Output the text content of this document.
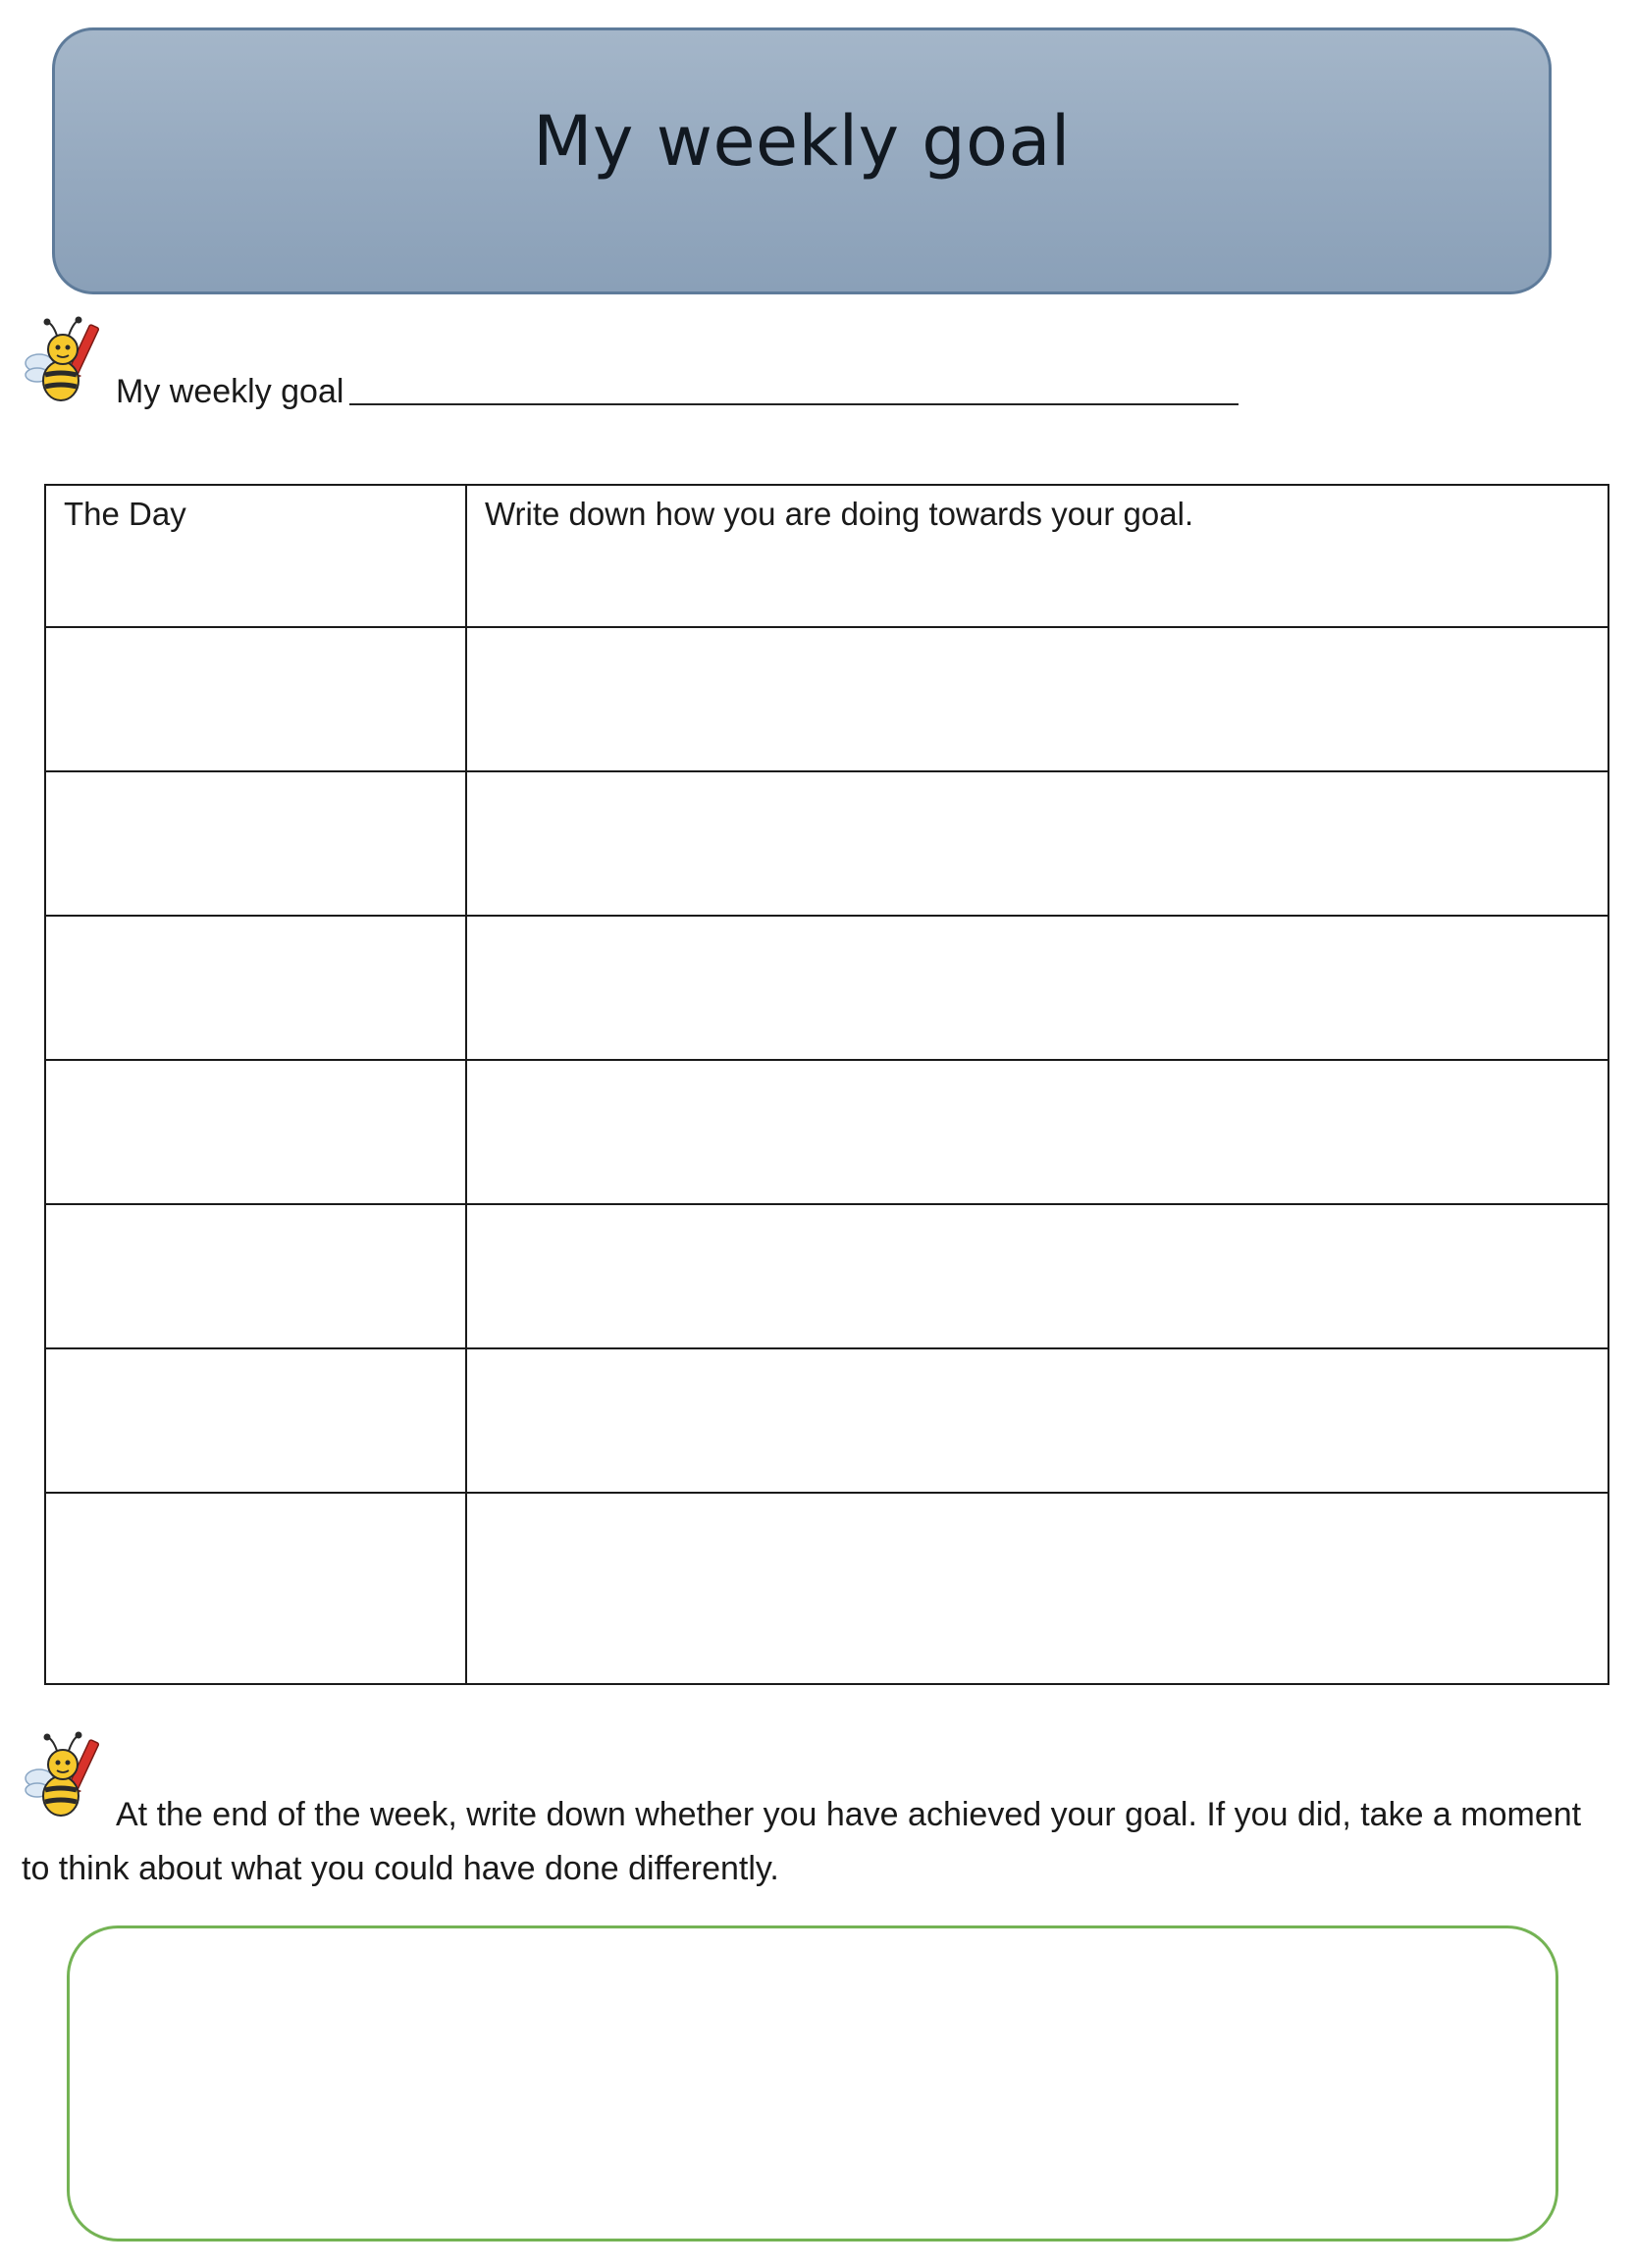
My weekly goal
My weekly goal
The Day	Write down how you are doing towards your goal.

At the end of the week, write down whether you have achieved your goal. If you did, take a moment to think about what you could have done differently.
